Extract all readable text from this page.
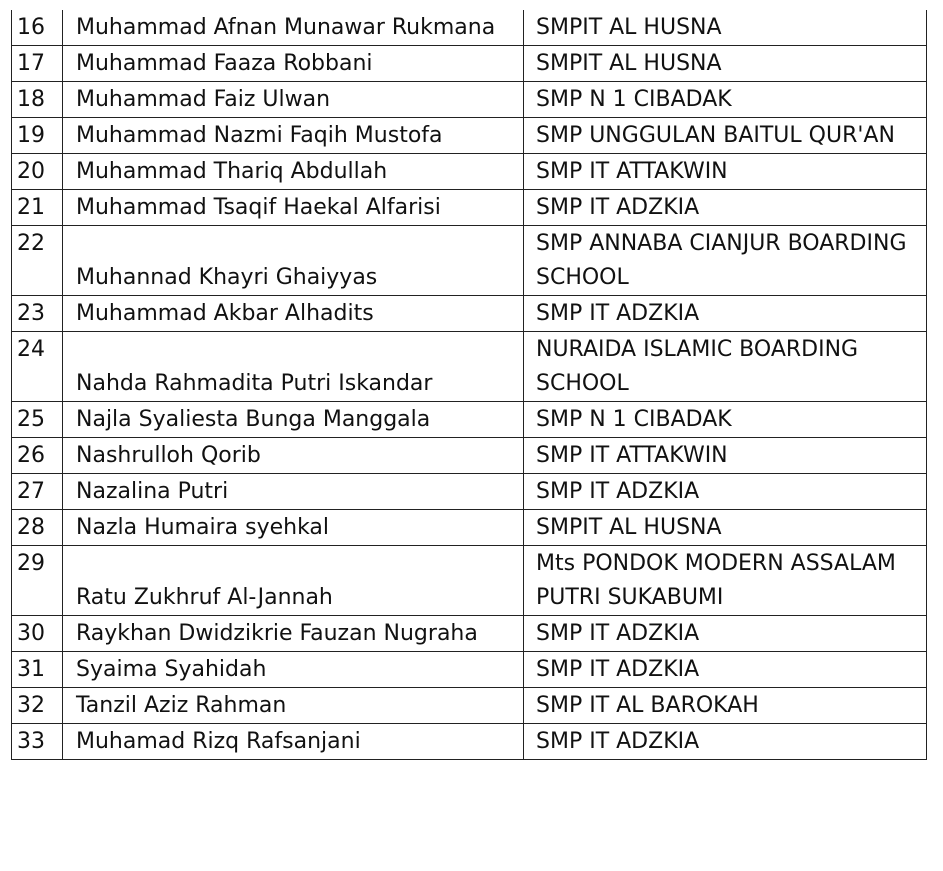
16	Muhammad Afnan Munawar Rukmana	SMPIT AL HUSNA
17	Muhammad Faaza Robbani	SMPIT AL HUSNA
18	Muhammad Faiz Ulwan	SMP N 1 CIBADAK
19	Muhammad Nazmi Faqih Mustofa	SMP UNGGULAN BAITUL QUR'AN
20	Muhammad Thariq Abdullah	SMP IT ATTAKWIN
21	Muhammad Tsaqif Haekal Alfarisi	SMP IT ADZKIA
22	Muhannad Khayri Ghaiyyas	SMP ANNABA CIANJUR BOARDING SCHOOL
23	Muhammad Akbar Alhadits	SMP IT ADZKIA
24	Nahda Rahmadita Putri Iskandar	NURAIDA ISLAMIC BOARDING SCHOOL
25	Najla Syaliesta Bunga Manggala	SMP N 1 CIBADAK
26	Nashrulloh Qorib	SMP IT ATTAKWIN
27	Nazalina Putri	SMP IT ADZKIA
28	Nazla Humaira syehkal	SMPIT AL HUSNA
29	Ratu Zukhruf Al-Jannah	Mts PONDOK MODERN ASSALAM PUTRI SUKABUMI
30	Raykhan Dwidzikrie Fauzan Nugraha	SMP IT ADZKIA
31	Syaima Syahidah	SMP IT ADZKIA
32	Tanzil Aziz Rahman	SMP IT AL BAROKAH
33	Muhamad Rizq Rafsanjani	SMP IT ADZKIA
